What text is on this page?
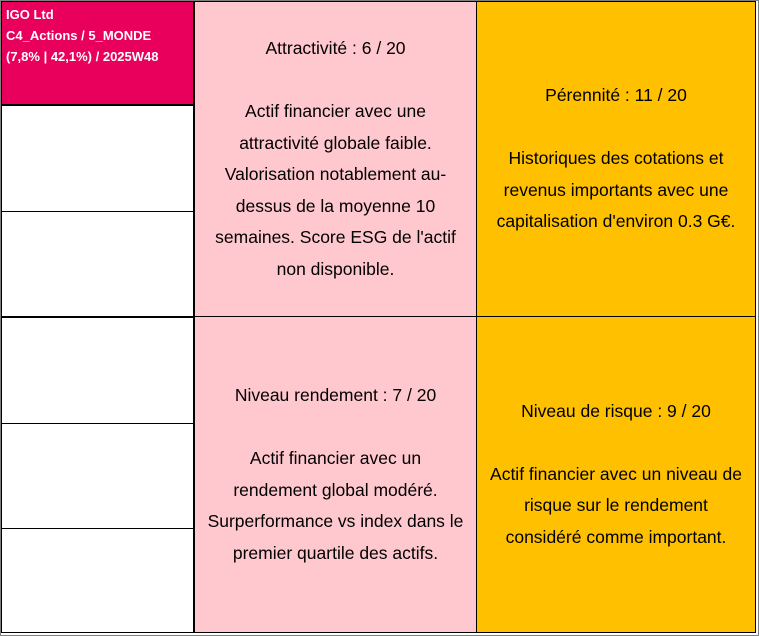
IGO Ltd
C4_Actions / 5_MONDE
(7,8% | 42,1%) / 2025W48	Attractivité : 6 / 20
Actif financier avec une
attractivité globale faible.
Valorisation notablement au-
dessus de la moyenne 10
semaines. Score ESG de l'actif
non disponible.
Pérennité : 11 / 20
Historiques des cotations et
revenus importants avec une
capitalisation d'environ 0.3 G€.
Niveau rendement : 7 / 20
Actif financier avec un
rendement global modéré.
Surperformance vs index dans le
premier quartile des actifs.
Niveau de risque : 9 / 20
Actif financier avec un niveau de
risque sur le rendement
considéré comme important.
